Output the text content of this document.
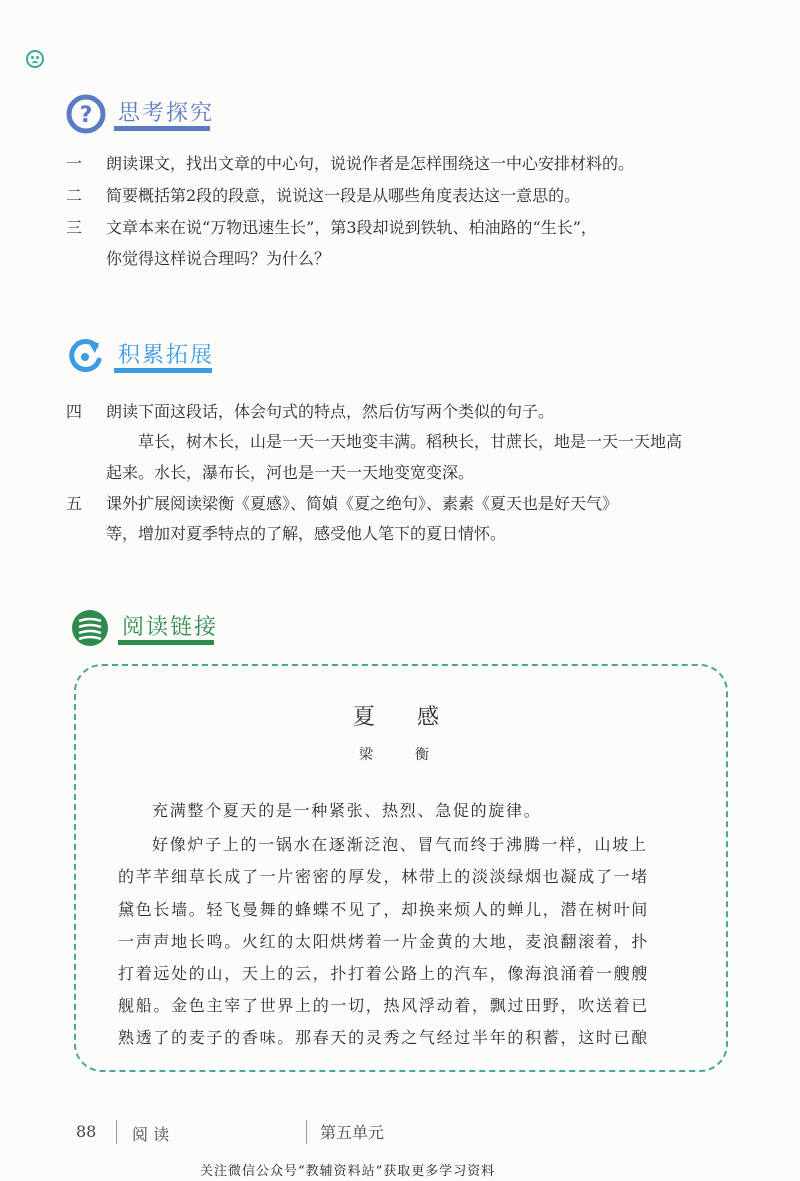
? 思考探究
一	朗读课文，找出文章的中心句，说说作者是怎样围绕这一中心安排材料的。
二	简要概括第2段的段意，说说这一段是从哪些角度表达这一意思的。
三	文章本来在说“万物迅速生长”，第3段却说到铁轨、柏油路的“生长”，
你觉得这样说合理吗？为什么？
积累拓展
四	朗读下面这段话，体会句式的特点，然后仿写两个类似的句子。
草长，树木长，山是一天一天地变丰满。稻秧长，甘蔗长，地是一天一天地高
起来。水长，瀑布长，河也是一天一天地变宽变深。
五	课外扩展阅读梁衡《夏感》、简媜《夏之绝句》、素素《夏天也是好天气》
等，增加对夏季特点的了解，感受他人笔下的夏日情怀。
阅读链接
夏　感
梁　衡
充满整个夏天的是一种紧张、热烈、急促的旋律。
好像炉子上的一锅水在逐渐泛泡、冒气而终于沸腾一样，山坡上
的芊芊细草长成了一片密密的厚发，林带上的淡淡绿烟也凝成了一堵
黛色长墙。轻飞曼舞的蜂蝶不见了，却换来烦人的蝉儿，潜在树叶间
一声声地长鸣。火红的太阳烘烤着一片金黄的大地，麦浪翻滚着，扑
打着远处的山，天上的云，扑打着公路上的汽车，像海浪涌着一艘艘
舰船。金色主宰了世界上的一切，热风浮动着，飘过田野，吹送着已
熟透了的麦子的香味。那春天的灵秀之气经过半年的积蓄，这时已酿
88 阅 读	第五单元
关注微信公众号“教辅资料站”获取更多学习资料
